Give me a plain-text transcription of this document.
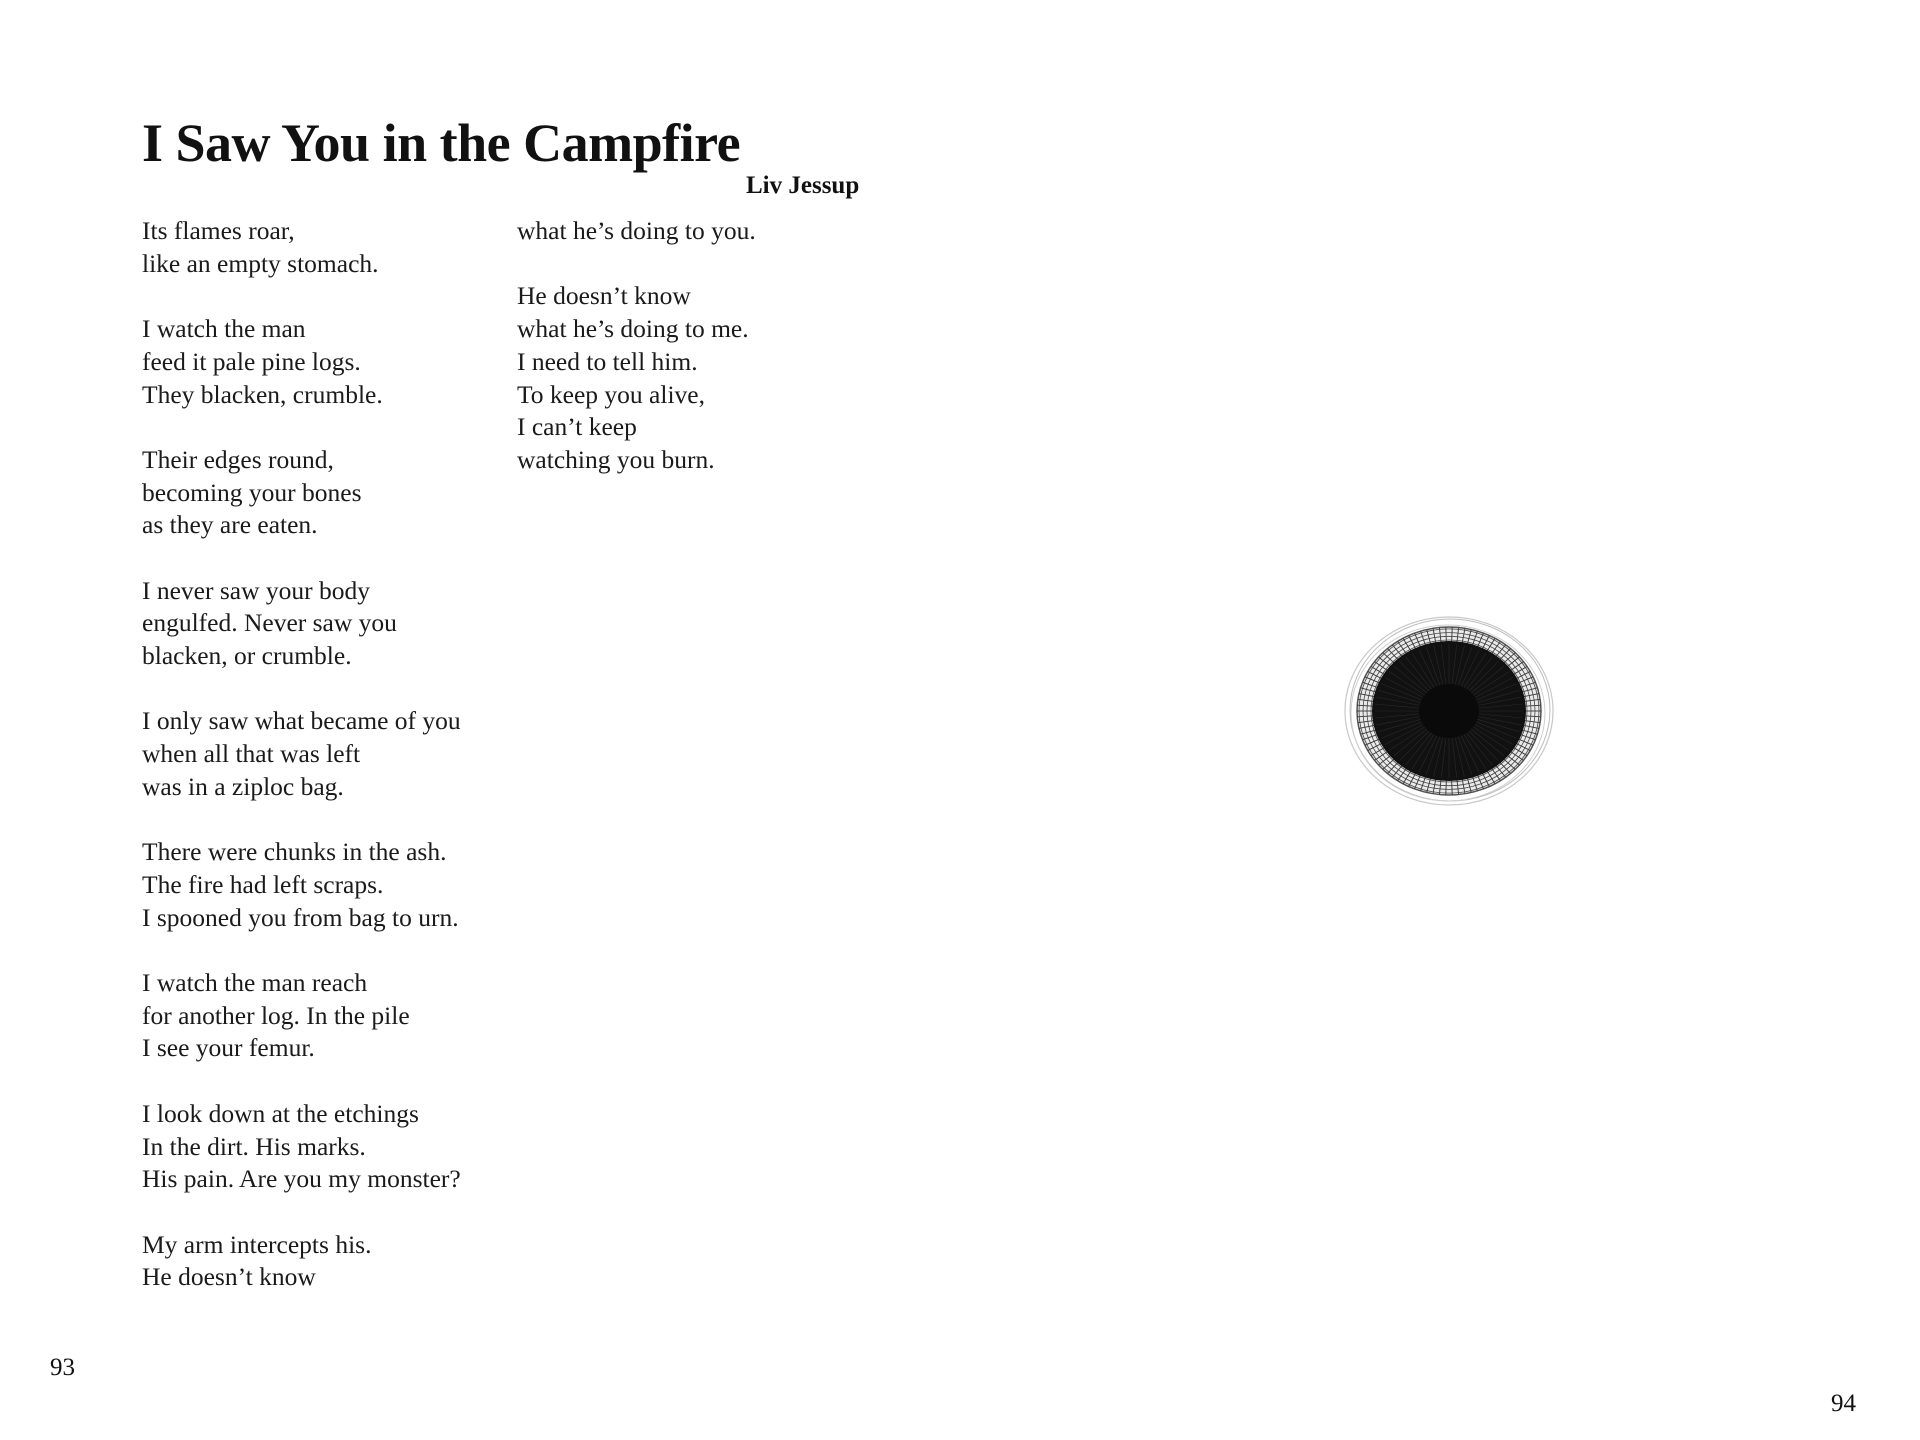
I Saw You in the Campfire
Liv Jessup

Its flames roar,
like an empty stomach.

I watch the man
feed it pale pine logs.
They blacken, crumble.

Their edges round,
becoming your bones
as they are eaten.

I never saw your body
engulfed. Never saw you
blacken, or crumble.

I only saw what became of you
when all that was left
was in a ziploc bag.

There were chunks in the ash.
The fire had left scraps.
I spooned you from bag to urn.

I watch the man reach
for another log. In the pile
I see your femur.

I look down at the etchings
In the dirt. His marks.
His pain. Are you my monster?

My arm intercepts his.
He doesn’t know

what he’s doing to you.

He doesn’t know
what he’s doing to me.
I need to tell him.
To keep you alive,
I can’t keep
watching you burn.

93
94
